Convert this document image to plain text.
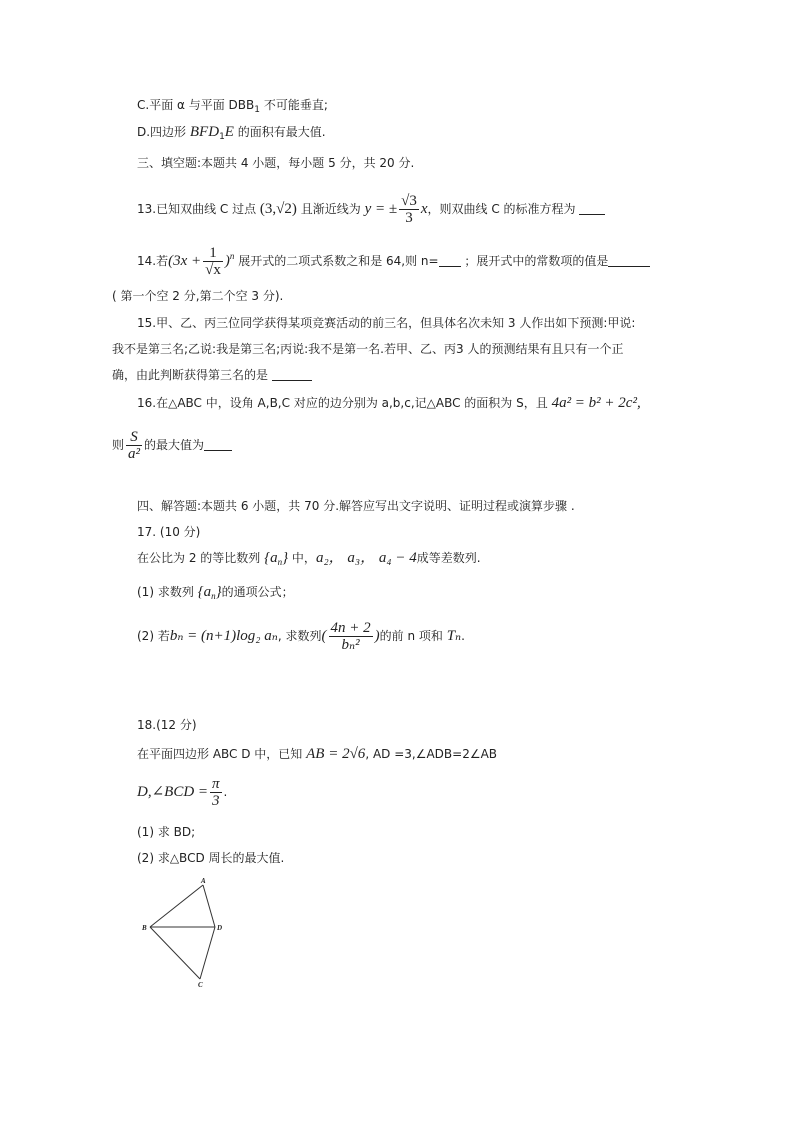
C.平面 α 与平面 $DBB_1$ 不可能垂直;
D.四边形 $BFD_1E$ 的面积有最大值.
三、填空题:本题共 4 小题，每小题 5 分，共 20 分.
13.已知双曲线 C 过点 (3,√2) 且渐近线为 y = ± $\frac{√3}{3}$ x，则双曲线 C 的标准方程为
14.若$(3x + \frac{1}{√x} )^n$ 展开式的二项式系数之和是 64,则 n= ；展开式中的常数项的值是
( 第一个空 2 分,第二个空 3 分).
15.甲、乙、丙三位同学获得某项竞赛活动的前三名，但具体名次未知 3 人作出如下预测:甲说:
我不是第三名;乙说:我是第三名;丙说:我不是第一名.若甲、乙、丙3 人的预测结果有且只有一个正
确，由此判断获得第三名的是
16.在△ABC 中，设角 A,B,C 对应的边分别为 a,b,c,记△ABC 的面积为 S，且 4a² = b² + 2c²,
则 $\frac{S}{\text{a²}}$ 的最大值为
四、解答题:本题共 6 小题，共 70 分.解答应写出文字说明、证明过程或演算步骤 .
17. (10 分)
在公比为 2 的等比数列 $\{a_n\}$ 中，a₂， a₃， a₄ − 4成等差数列.
(1) 求数列 $\{a_n\}$的通项公式；
(2) 若bₙ = (n+1)log₂ aₙ, 求数列( $\frac{4n + 2}{\text{bₙ²}}$ )的前 n 项和 Tₙ.
18.(12 分)
在平面四边形 ABC D 中，已知 AB = 2√6, AD =3,∠ADB=2∠AB
D,∠BCD = $\frac{\pi}{3}$ .
(1) 求 BD;
(2) 求△BCD 周长的最大值.
A
B	D
C
